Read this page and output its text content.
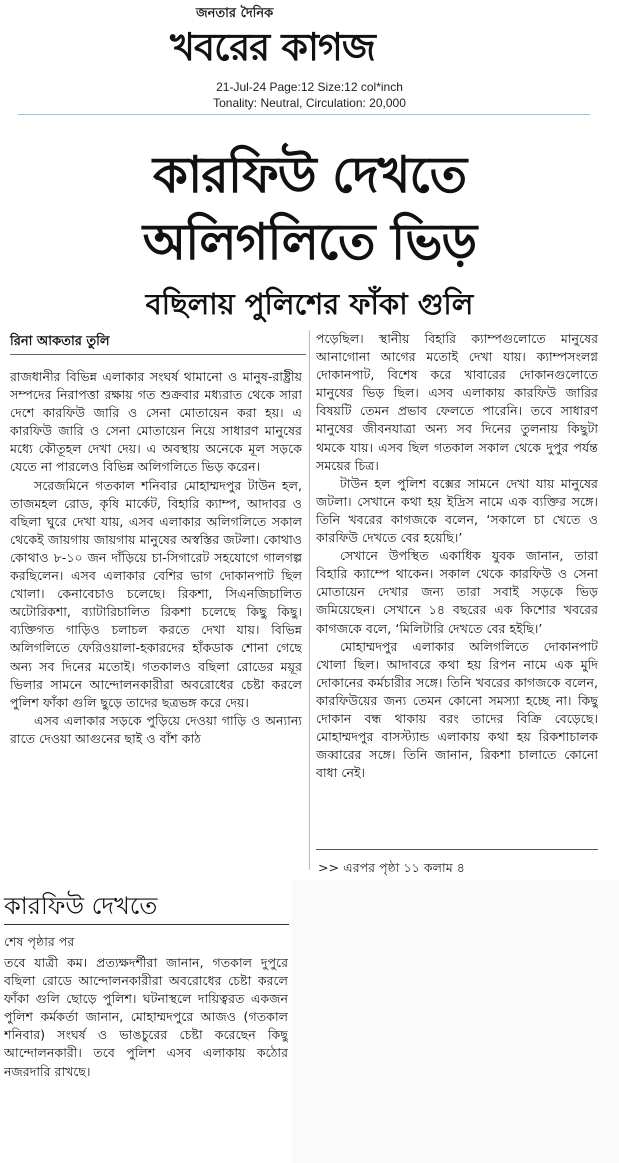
জনতার দৈনিক
খবরের কাগজ
21-Jul-24 Page:12 Size:12 col*inch
Tonality: Neutral, Circulation: 20,000
কারফিউ দেখতে
অলিগলিতে ভিড়
বছিলায় পুলিশের ফাঁকা গুলি
রিনা আকতার তুলি

রাজধানীর বিভিন্ন এলাকার সংঘর্ষ থামানো ও মানুষ-রাষ্ট্রীয় সম্পদের নিরাপত্তা রক্ষায় গত শুক্রবার মধ্যরাত থেকে সারা দেশে কারফিউ জারি ও সেনা মোতায়েন করা হয়। এ কারফিউ জারি ও সেনা মোতায়েন নিয়ে সাধারণ মানুষের মধ্যে কৌতূহল দেখা দেয়। এ অবস্থায় অনেকে মূল সড়কে যেতে না পারলেও বিভিন্ন অলিগলিতে ভিড় করেন।

সরেজমিনে গতকাল শনিবার মোহাম্মদপুর টাউন হল, তাজমহল রোড, কৃষি মার্কেট, বিহারি ক্যাম্প, আদাবর ও বছিলা ঘুরে দেখা যায়, এসব এলাকার অলিগলিতে সকাল থেকেই জায়গায় জায়গায় মানুষের অস্বস্তির জটলা। কোথাও কোথাও ৮-১০ জন দাঁড়িয়ে চা-সিগারেট সহযোগে গালগল্প করছিলেন। এসব এলাকার বেশির ভাগ দোকানপাট ছিল খোলা। কেনাবেচাও চলেছে। রিকশা, সিএনজিচালিত অটোরিকশা, ব্যাটারিচালিত রিকশা চলেছে কিছু কিছু। ব্যক্তিগত গাড়িও চলাচল করতে দেখা যায়। বিভিন্ন অলিগলিতে ফেরিওয়ালা-হকারদের হাঁকডাক শোনা গেছে অন্য সব দিনের মতোই। গতকালও বছিলা রোডের ময়ূর ভিলার সামনে আন্দোলনকারীরা অবরোধের চেষ্টা করলে পুলিশ ফাঁকা গুলি ছুড়ে তাদের ছত্রভঙ্গ করে দেয়।

এসব এলাকার সড়কে পুড়িয়ে দেওয়া গাড়ি ও অন্যান্য রাতে দেওয়া আগুনের ছাই ও বাঁশ কাঠ

পড়েছিল। স্থানীয় বিহারি ক্যাম্পগুলোতে মানুষের আনাগোনা আগের মতোই দেখা যায়। ক্যাম্পসংলগ্ন দোকানপাট, বিশেষ করে খাবারের দোকানগুলোতে মানুষের ভিড় ছিল। এসব এলাকায় কারফিউ জারির বিষয়টি তেমন প্রভাব ফেলতে পারেনি। তবে সাধারণ মানুষের জীবনযাত্রা অন্য সব দিনের তুলনায় কিছুটা থমকে যায়। এসব ছিল গতকাল সকাল থেকে দুপুর পর্যন্ত সময়ের চিত্র।

টাউন হল পুলিশ বক্সের সামনে দেখা যায় মানুষের জটলা। সেখানে কথা হয় ইদ্রিস নামে এক ব্যক্তির সঙ্গে। তিনি খবরের কাগজকে বলেন, ‘সকালে চা খেতে ও কারফিউ দেখতে বের হয়েছি।’

সেখানে উপস্থিত একাধিক যুবক জানান, তারা বিহারি ক্যাম্পে থাকেন। সকাল থেকে কারফিউ ও সেনা মোতায়েন দেখার জন্য তারা সবাই সড়কে ভিড় জমিয়েছেন। সেখানে ১৪ বছরের এক কিশোর খবরের কাগজকে বলে, ‘মিলিটারি দেখতে বের হইছি।’

মোহাম্মদপুর এলাকার অলিগলিতে দোকানপাট খোলা ছিল। আদাবরে কথা হয় রিপন নামে এক মুদি দোকানের কর্মচারীর সঙ্গে। তিনি খবরের কাগজকে বলেন, কারফিউয়ের জন্য তেমন কোনো সমস্যা হচ্ছে না। কিছু দোকান বন্ধ থাকায় বরং তাদের বিক্রি বেড়েছে। মোহাম্মদপুর বাসস্ট্যান্ড এলাকায় কথা হয় রিকশাচালক জব্বারের সঙ্গে। তিনি জানান, রিকশা চালাতে কোনো বাধা নেই।

>> এরপর পৃষ্ঠা ১১ কলাম ৪
কারফিউ দেখতে
শেষ পৃষ্ঠার পর

তবে যাত্রী কম। প্রত্যক্ষদর্শীরা জানান, গতকাল দুপুরে বছিলা রোডে আন্দোলনকারীরা অবরোধের চেষ্টা করলে ফাঁকা গুলি ছোড়ে পুলিশ। ঘটনাস্থলে দায়িত্বরত একজন পুলিশ কর্মকর্তা জানান, মোহাম্মদপুরে আজও (গতকাল শনিবার) সংঘর্ষ ও ভাঙচুরের চেষ্টা করেছেন কিছু আন্দোলনকারী। তবে পুলিশ এসব এলাকায় কঠোর নজরদারি রাখছে।
